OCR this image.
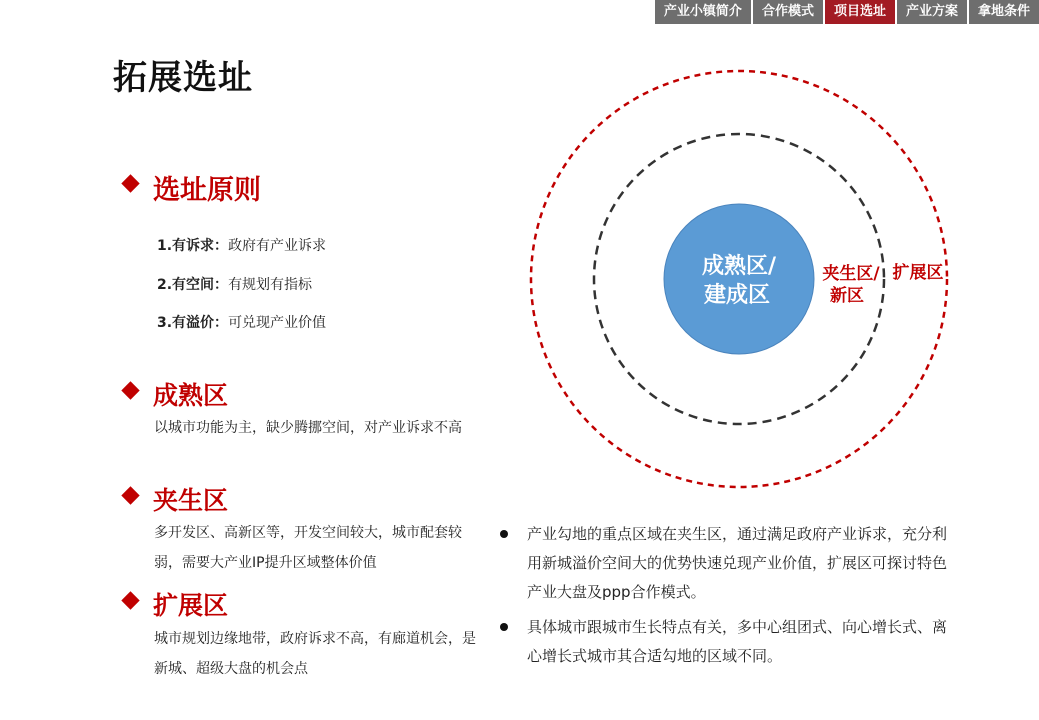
产业小镇简介	合作模式	项目选址	产业方案	拿地条件
拓展选址
选址原则
1.有诉求：政府有产业诉求
2.有空间：有规划有指标
3.有溢价：可兑现产业价值
成熟区
以城市功能为主，缺少腾挪空间，对产业诉求不高
夹生区
多开发区、高新区等，开发空间较大，城市配套较弱，需要大产业IP提升区域整体价值
扩展区
城市规划边缘地带，政府诉求不高，有廊道机会，是新城、超级大盘的机会点
成熟区/
建成区
夹生区/
新区
扩展区
产业勾地的重点区域在夹生区，通过满足政府产业诉求，充分利用新城溢价空间大的优势快速兑现产业价值，扩展区可探讨特色产业大盘及ppp合作模式。
具体城市跟城市生长特点有关，多中心组团式、向心增长式、离心增长式城市其合适勾地的区域不同。
